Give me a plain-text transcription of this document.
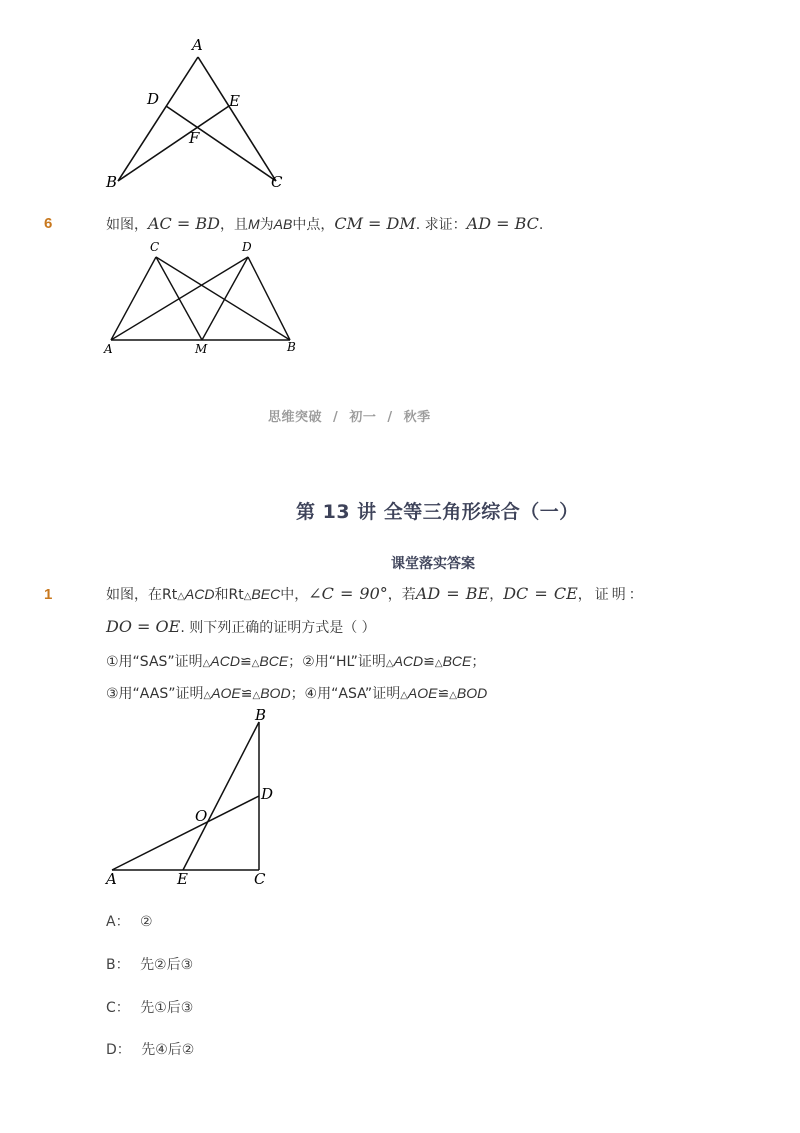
A
D	E
F
B	C
6	如图，AC = BD，且M为AB中点，CM = DM. 求证：AD = BC.
C	D
A	M	B
思维突破 / 初一 / 秋季
第 13 讲 全等三角形综合（一）
课堂落实答案
1	如图，在Rt△ACD和Rt△BEC中，∠C = 90°，若AD = BE，DC = CE，证明：
DO = OE. 则下列正确的证明方式是（ ）
①用“SAS”证明△ACD≌△BCE；②用“HL”证明△ACD≌△BCE；
③用“AAS”证明△AOE≌△BOD；④用“ASA”证明△AOE≌△BOD
B
D
O
A	E	C
A： ②
B： 先②后③
C： 先①后③
D： 先④后②
